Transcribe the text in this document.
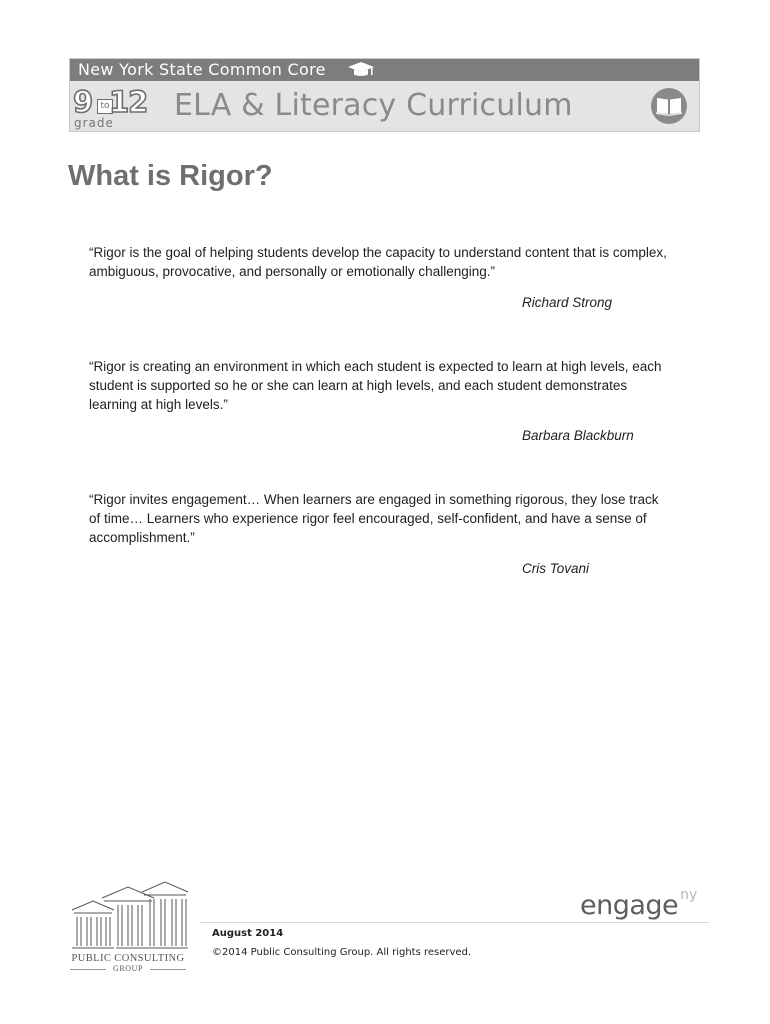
New York State Common Core
9 to 12
grade ELA & Literacy Curriculum
What is Rigor?

“Rigor is the goal of helping students develop the capacity to understand content that is complex, ambiguous, provocative, and personally or emotionally challenging.”

Richard Strong

“Rigor is creating an environment in which each student is expected to learn at high levels, each student is supported so he or she can learn at high levels, and each student demonstrates learning at high levels.”

Barbara Blackburn

“Rigor invites engagement… When learners are engaged in something rigorous, they lose track of time… Learners who experience rigor feel encouraged, self-confident, and have a sense of accomplishment.”

Cris Tovani

PUBLIC CONSULTING
GROUP
engage ny
August 2014
©2014 Public Consulting Group. All rights reserved.
